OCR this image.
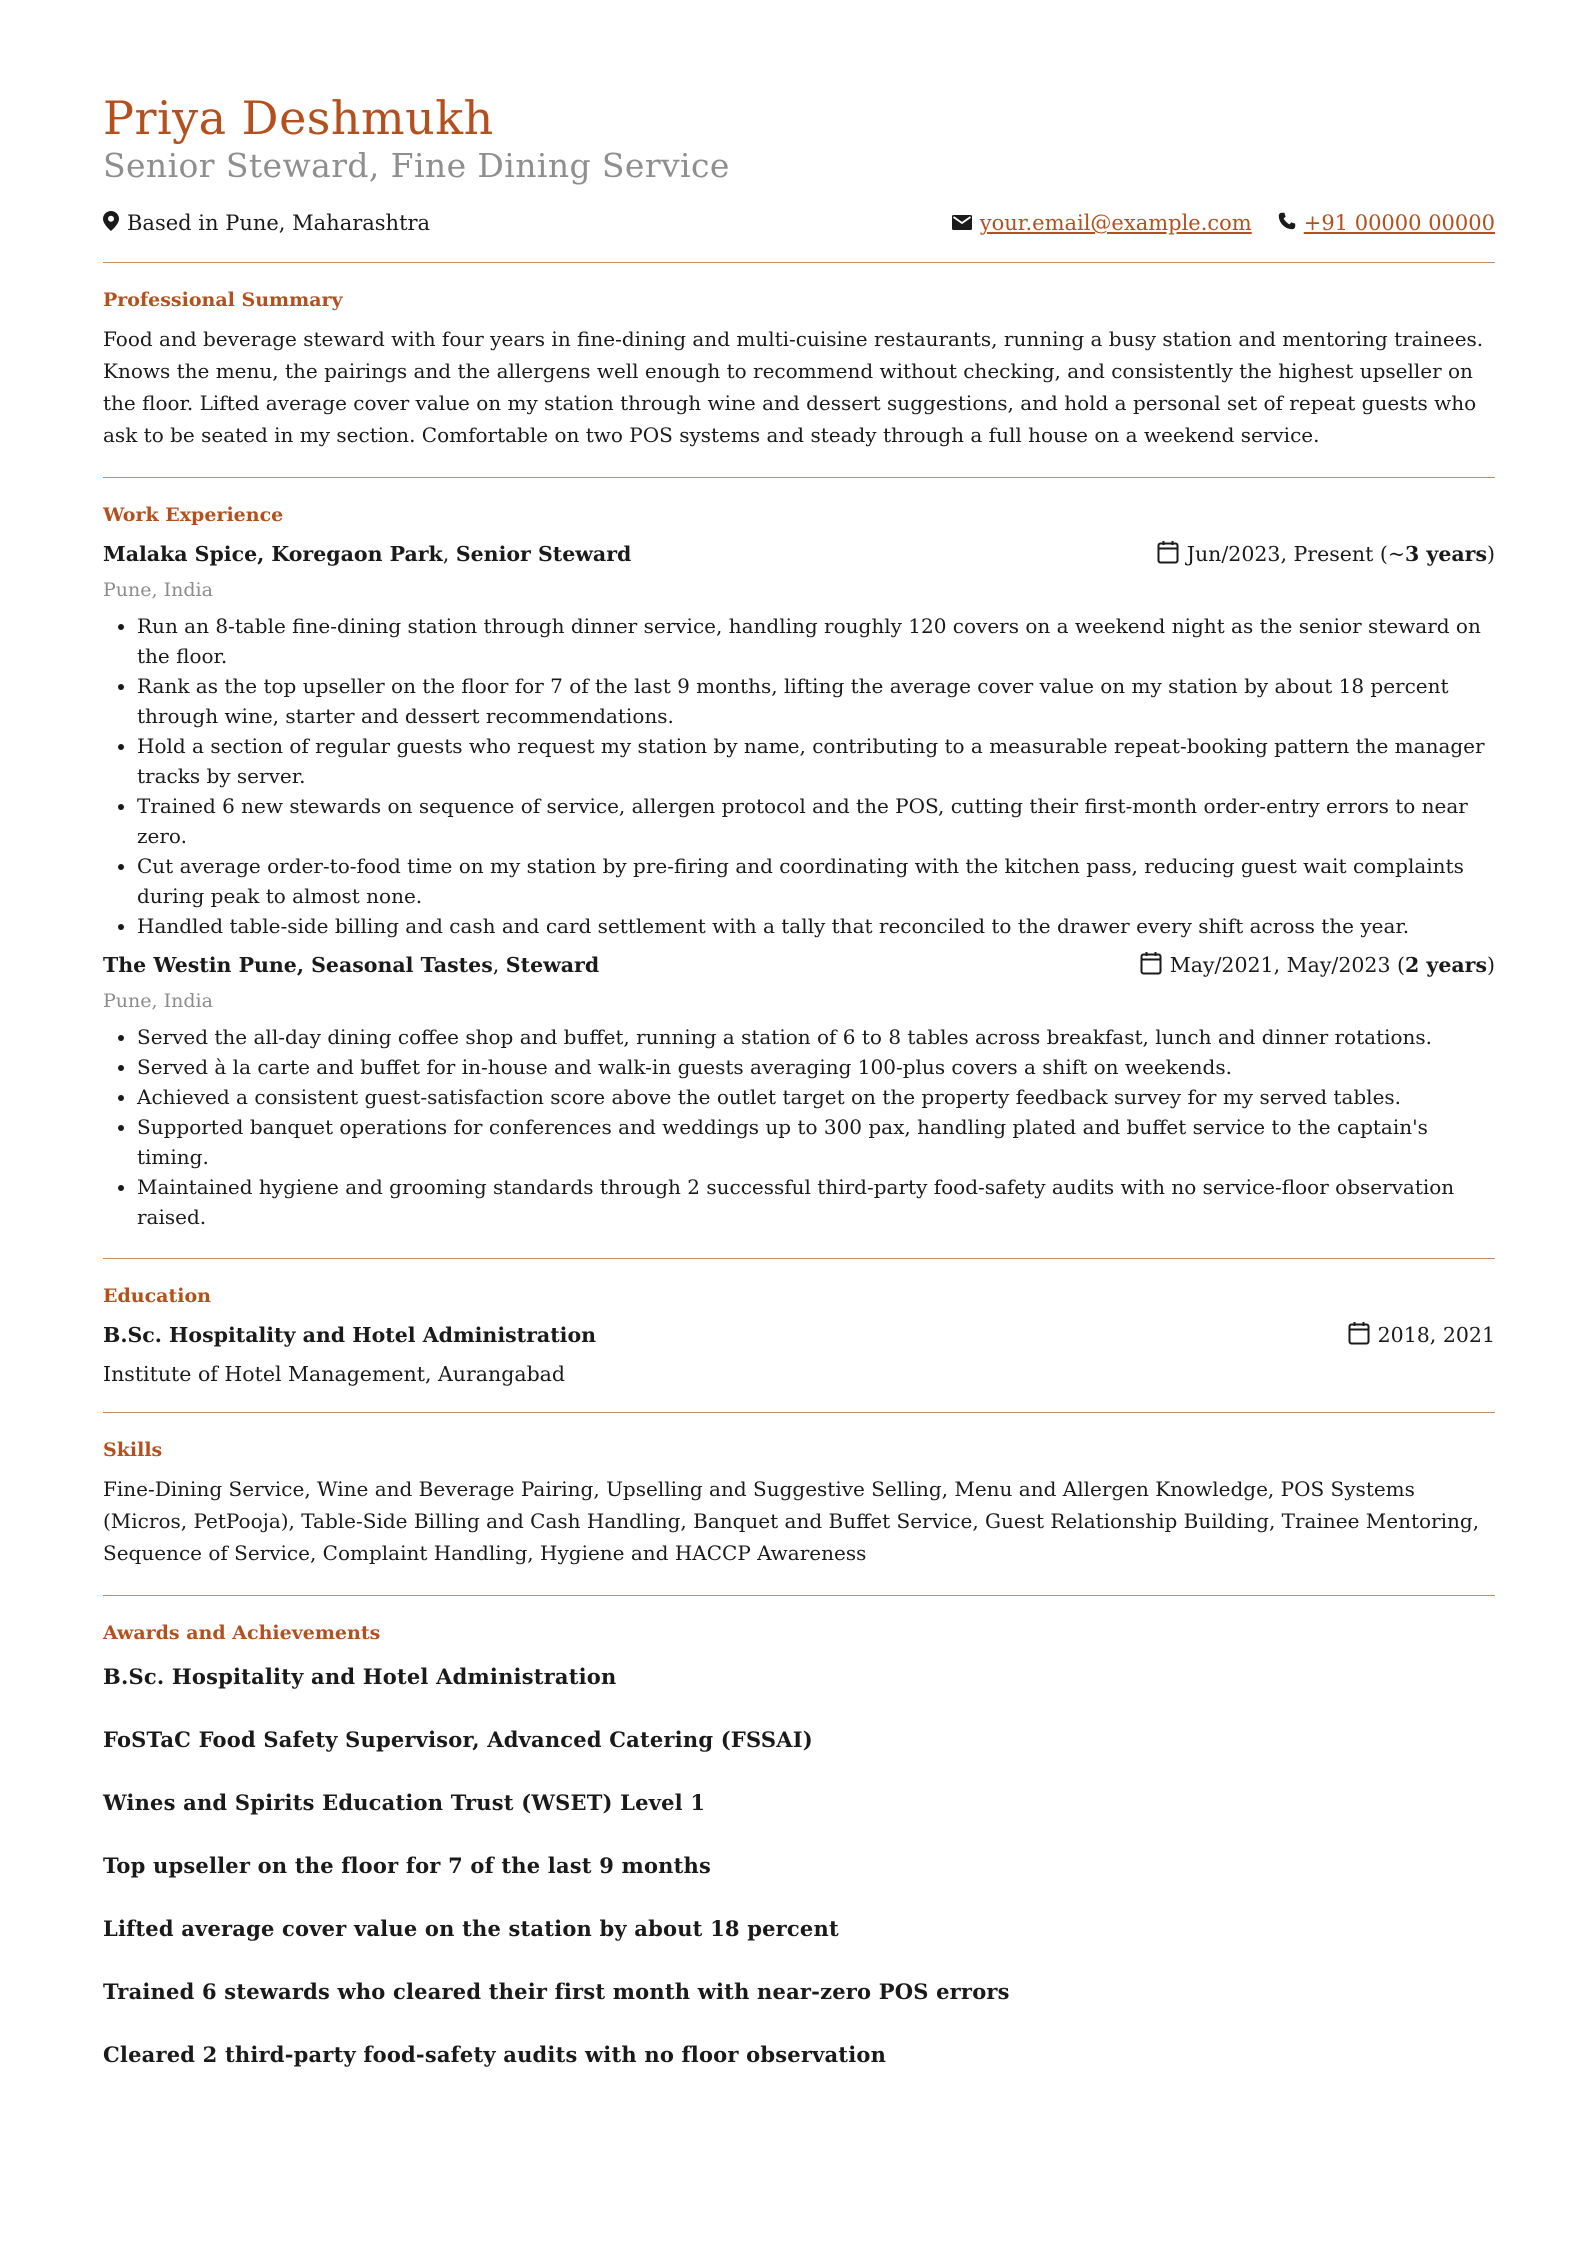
Priya Deshmukh
Senior Steward, Fine Dining Service
Based in Pune, Maharashtra	your.email@example.com +91 00000 00000
Professional Summary

Food and beverage steward with four years in fine-dining and multi-cuisine restaurants, running a busy station and mentoring trainees. Knows the menu, the pairings and the allergens well enough to recommend without checking, and consistently the highest upseller on the floor. Lifted average cover value on my station through wine and dessert suggestions, and hold a personal set of repeat guests who ask to be seated in my section. Comfortable on two POS systems and steady through a full house on a weekend service.

Work Experience
Malaka Spice, Koregaon Park, Senior Steward	Jun/2023, Present (~ 3 years )
Pune, India
• Run an 8-table fine-dining station through dinner service, handling roughly 120 covers on a weekend night as the senior steward on the floor.
• Rank as the top upseller on the floor for 7 of the last 9 months, lifting the average cover value on my station by about 18 percent through wine, starter and dessert recommendations.
• Hold a section of regular guests who request my station by name, contributing to a measurable repeat-booking pattern the manager tracks by server.
• Trained 6 new stewards on sequence of service, allergen protocol and the POS, cutting their first-month order-entry errors to near zero.
• Cut average order-to-food time on my station by pre-firing and coordinating with the kitchen pass, reducing guest wait complaints during peak to almost none.
• Handled table-side billing and cash and card settlement with a tally that reconciled to the drawer every shift across the year.
The Westin Pune, Seasonal Tastes, Steward	May/2021, May/2023 ( 2 years )
Pune, India
• Served the all-day dining coffee shop and buffet, running a station of 6 to 8 tables across breakfast, lunch and dinner rotations.
• Served à la carte and buffet for in-house and walk-in guests averaging 100-plus covers a shift on weekends.
• Achieved a consistent guest-satisfaction score above the outlet target on the property feedback survey for my served tables.
• Supported banquet operations for conferences and weddings up to 300 pax, handling plated and buffet service to the captain's timing.
• Maintained hygiene and grooming standards through 2 successful third-party food-safety audits with no service-floor observation raised.
Education
B.Sc. Hospitality and Hotel Administration	2018, 2021
Institute of Hotel Management, Aurangabad
Skills

Fine-Dining Service, Wine and Beverage Pairing, Upselling and Suggestive Selling, Menu and Allergen Knowledge, POS Systems (Micros, PetPooja), Table-Side Billing and Cash Handling, Banquet and Buffet Service, Guest Relationship Building, Trainee Mentoring, Sequence of Service, Complaint Handling, Hygiene and HACCP Awareness

Awards and Achievements
B.Sc. Hospitality and Hotel Administration
FoSTaC Food Safety Supervisor, Advanced Catering (FSSAI)
Wines and Spirits Education Trust (WSET) Level 1
Top upseller on the floor for 7 of the last 9 months
Lifted average cover value on the station by about 18 percent
Trained 6 stewards who cleared their first month with near-zero POS errors
Cleared 2 third-party food-safety audits with no floor observation
